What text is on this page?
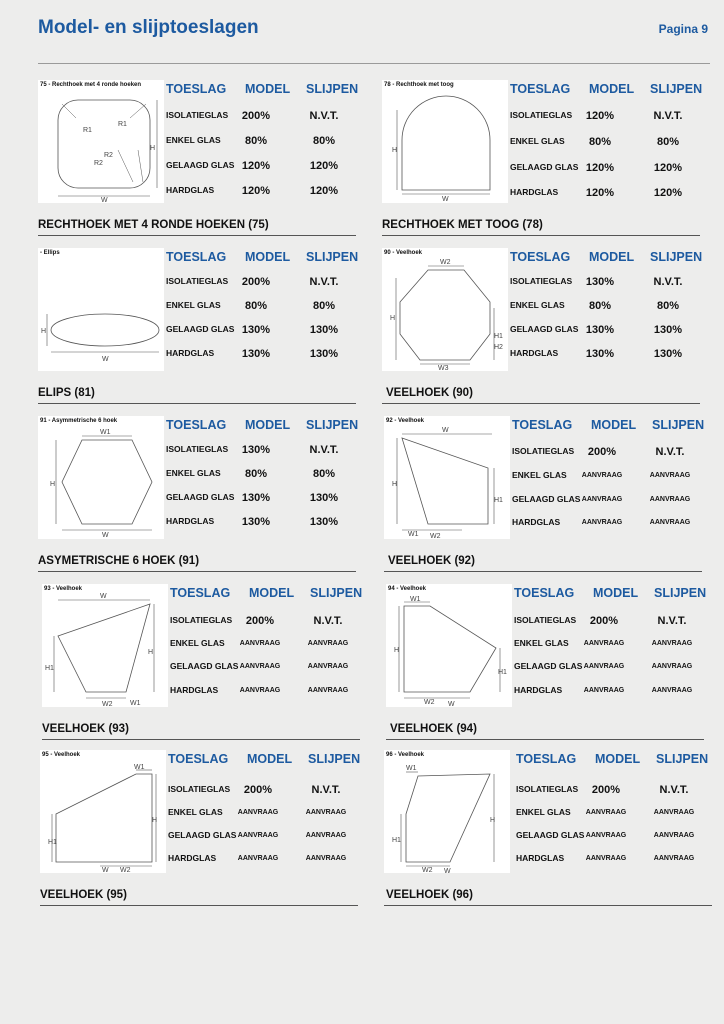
Model- en slijptoeslagen	Pagina 9
R1
R1
R2
R2
H
W
75 - Rechthoek met 4 ronde hoeken TOESLAG MODEL SLIJPEN
ISOLATIEGLAS 200%	N.V.T.
ENKEL GLAS 80%	80%
GELAAGD GLAS 120%	120%
HARDGLAS	120%	120%
RECHTHOEK MET 4 RONDE HOEKEN (75)
H
W
78 - Rechthoek met toog	TOESLAG MODEL SLIJPEN
ISOLATIEGLAS 120%	N.V.T.
ENKEL GLAS 80%	80%
GELAAGD GLAS 120%	120%
HARDGLAS	120%	120%
RECHTHOEK MET TOOG (78)
H
W
- Ellips	TOESLAG MODEL SLIJPEN
ISOLATIEGLAS 200%	N.V.T.
ENKEL GLAS 80%	80%
GELAAGD GLAS 130%	130%
HARDGLAS	130%	130%
ELIPS (81)
W2
W3
H
H1
H2
90 - Veelhoek	TOESLAG MODEL SLIJPEN
ISOLATIEGLAS 130%	N.V.T.
ENKEL GLAS 80%	80%
GELAAGD GLAS 130%	130%
HARDGLAS	130%	130%
VEELHOEK (90)
W1
W
H
91 - Asymmetrische 6 hoek	TOESLAG MODEL SLIJPEN
ISOLATIEGLAS 130%	N.V.T.
ENKEL GLAS 80%	80%
GELAAGD GLAS 130%	130%
HARDGLAS	130%	130%
ASYMETRISCHE 6 HOEK (91)
W
H
H1
W1 W2
92 - Veelhoek	TOESLAG MODEL SLIJPEN
ISOLATIEGLAS 200%	N.V.T.
ENKEL GLAS AANVRAAG	AANVRAAG
GELAAGD GLAS AANVRAAG	AANVRAAG
HARDGLAS	AANVRAAG	AANVRAAG
VEELHOEK (92)
W
H
H1
W1
W2
93 - Veelhoek	TOESLAG MODEL SLIJPEN
ISOLATIEGLAS 200%	N.V.T.
ENKEL GLAS AANVRAAG	AANVRAAG
GELAAGD GLAS AANVRAAG	AANVRAAG
HARDGLAS	AANVRAAG	AANVRAAG
VEELHOEK (93)
W1
H
H1
W2 W
94 - Veelhoek	TOESLAG MODEL SLIJPEN
ISOLATIEGLAS 200%	N.V.T.
ENKEL GLAS AANVRAAG	AANVRAAG
GELAAGD GLAS AANVRAAG	AANVRAAG
HARDGLAS	AANVRAAG	AANVRAAG
VEELHOEK (94)
W1
H
H1
W2
W
95 - Veelhoek	TOESLAG MODEL SLIJPEN
ISOLATIEGLAS 200%	N.V.T.
ENKEL GLAS AANVRAAG	AANVRAAG
GELAAGD GLAS AANVRAAG	AANVRAAG
HARDGLAS	AANVRAAG	AANVRAAG
VEELHOEK (95)
W1
H
H1
W2 W
96 - Veelhoek	TOESLAG MODEL SLIJPEN
ISOLATIEGLAS 200%	N.V.T.
ENKEL GLAS AANVRAAG	AANVRAAG
GELAAGD GLAS AANVRAAG	AANVRAAG
HARDGLAS	AANVRAAG	AANVRAAG
VEELHOEK (96)
